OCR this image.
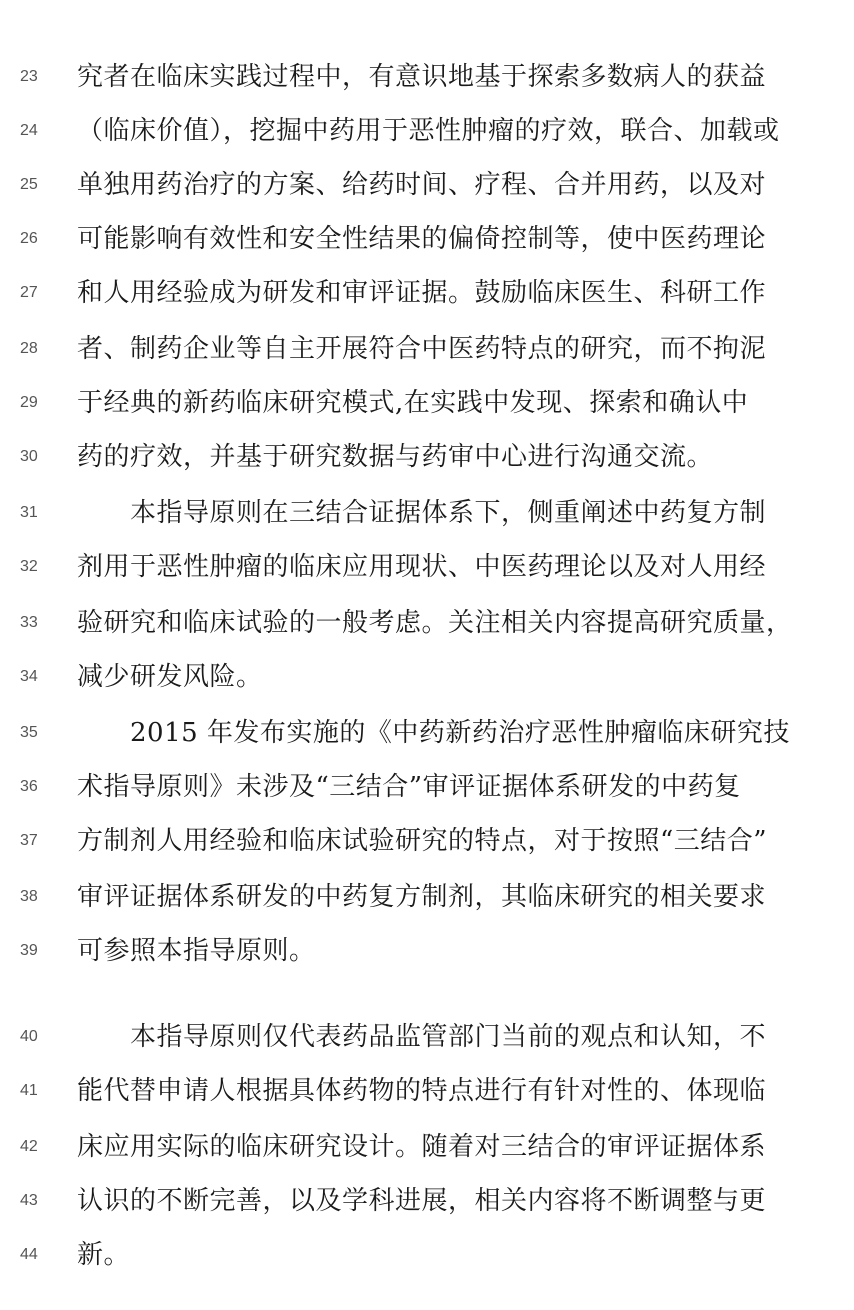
23	究者在临床实践过程中，有意识地基于探索多数病人的获益
24	（临床价值），挖掘中药用于恶性肿瘤的疗效，联合、加载或
25	单独用药治疗的方案、给药时间、疗程、合并用药，以及对
26	可能影响有效性和安全性结果的偏倚控制等，使中医药理论
27	和人用经验成为研发和审评证据。鼓励临床医生、科研工作
28	者、制药企业等自主开展符合中医药特点的研究，而不拘泥
29	于经典的新药临床研究模式,在实践中发现、探索和确认中
30	药的疗效，并基于研究数据与药审中心进行沟通交流。
31	本指导原则在三结合证据体系下，侧重阐述中药复方制
32	剂用于恶性肿瘤的临床应用现状、中医药理论以及对人用经
33	验研究和临床试验的一般考虑。关注相关内容提高研究质量，
34	减少研发风险。
35	2015 年发布实施的《中药新药治疗恶性肿瘤临床研究技
36	术指导原则》未涉及“三结合”审评证据体系研发的中药复
37	方制剂人用经验和临床试验研究的特点，对于按照“三结合”
38	审评证据体系研发的中药复方制剂，其临床研究的相关要求
39	可参照本指导原则。
40	本指导原则仅代表药品监管部门当前的观点和认知，不
41	能代替申请人根据具体药物的特点进行有针对性的、体现临
42	床应用实际的临床研究设计。随着对三结合的审评证据体系
43	认识的不断完善，以及学科进展，相关内容将不断调整与更
44	新。
